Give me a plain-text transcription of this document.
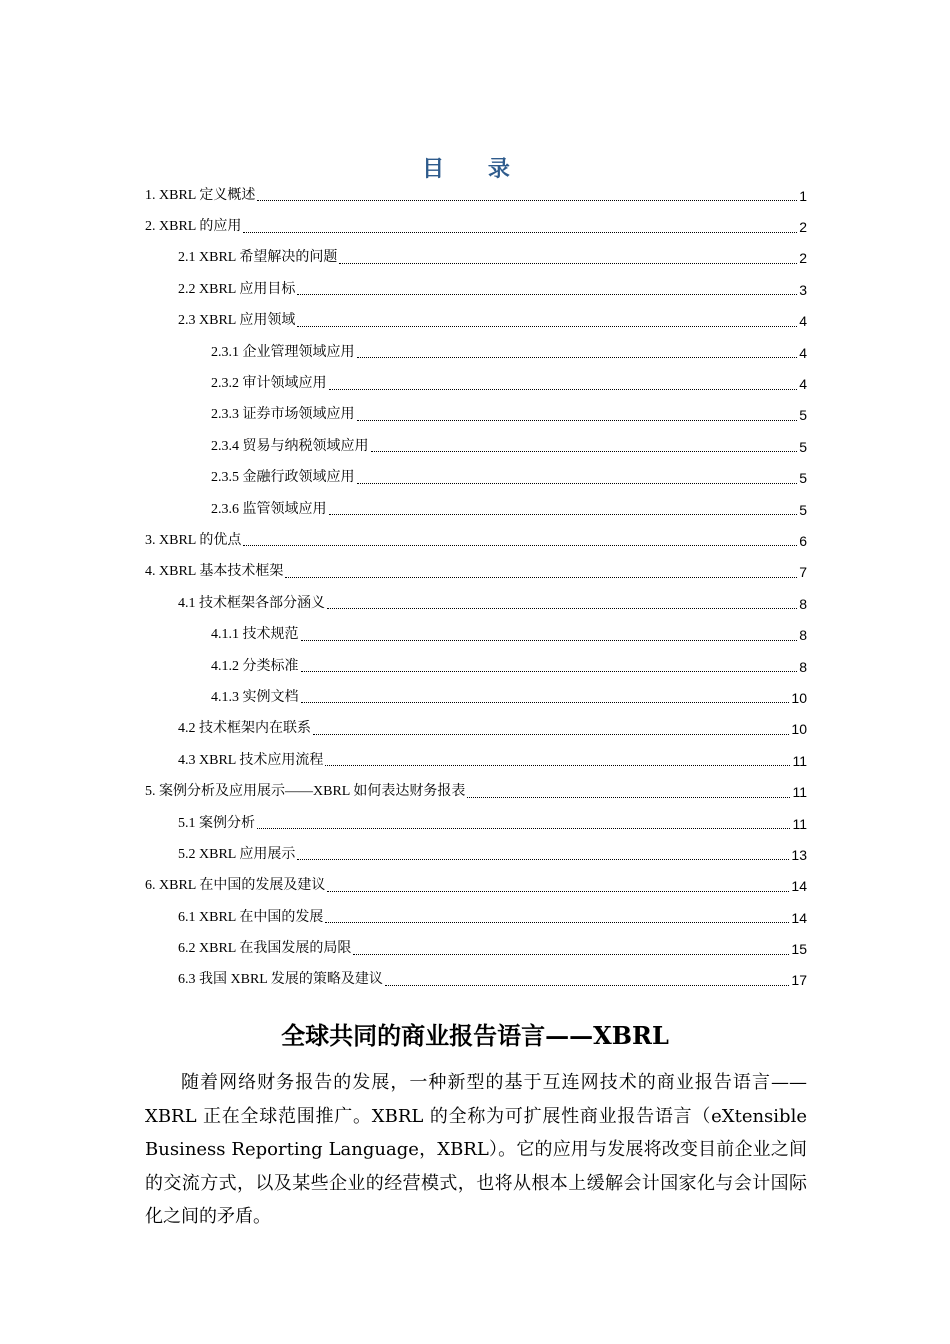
目 录
1. XBRL 定义概述	1
2. XBRL 的应用	2
2.1 XBRL 希望解决的问题	2
2.2 XBRL 应用目标	3
2.3 XBRL 应用领域	4
2.3.1 企业管理领域应用	4
2.3.2 审计领域应用	4
2.3.3 证券市场领域应用	5
2.3.4 贸易与纳税领域应用	5
2.3.5 金融行政领域应用	5
2.3.6 监管领域应用	5
3. XBRL 的优点	6
4. XBRL 基本技术框架	7
4.1 技术框架各部分涵义	8
4.1.1 技术规范	8
4.1.2 分类标准	8
4.1.3 实例文档	10
4.2 技术框架内在联系	10
4.3 XBRL 技术应用流程	11
5. 案例分析及应用展示——XBRL 如何表达财务报表	11
5.1 案例分析	11
5.2 XBRL 应用展示	13
6. XBRL 在中国的发展及建议	14
6.1 XBRL 在中国的发展	14
6.2 XBRL 在我国发展的局限	15
6.3 我国 XBRL 发展的策略及建议	17
全球共同的商业报告语言——XBRL
随着网络财务报告的发展，一种新型的基于互连网技术的商业报告语言——XBRL 正在全球范围推广。XBRL 的全称为可扩展性商业报告语言（eXtensible Business Reporting Language，XBRL）。它的应用与发展将改变目前企业之间的交流方式，以及某些企业的经营模式，也将从根本上缓解会计国家化与会计国际化之间的矛盾。
